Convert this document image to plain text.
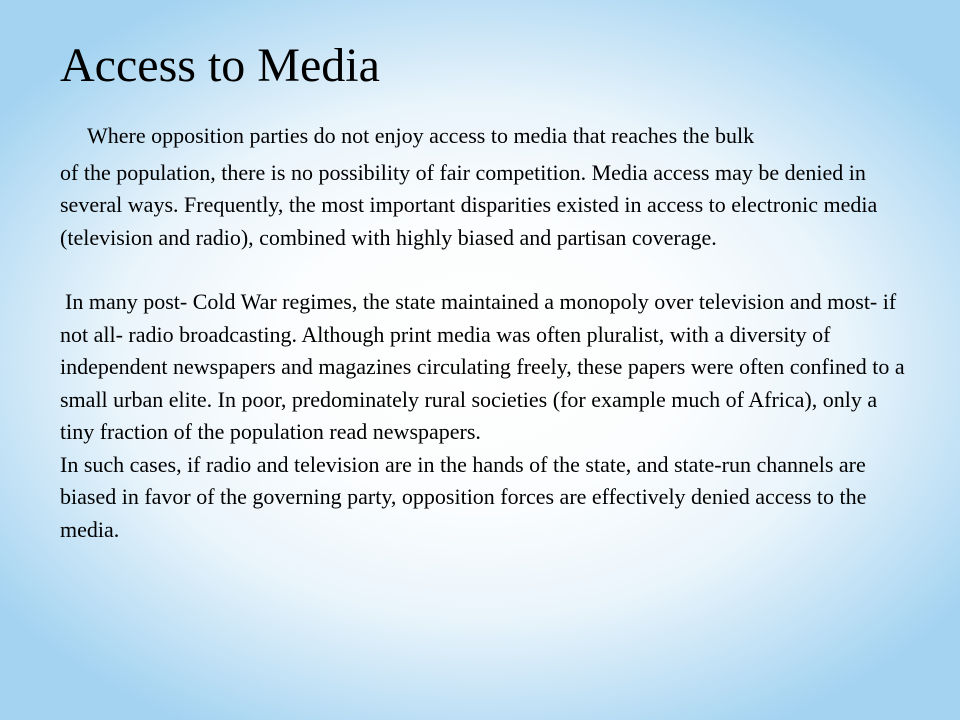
Access to Media

Where opposition parties do not enjoy access to media that reaches the bulk

of the population, there is no possibility of fair competition. Media access may be denied in several ways. Frequently, the most important disparities existed in access to electronic media (television and radio), combined with highly biased and partisan coverage.

In many post- Cold War regimes, the state maintained a monopoly over television and most- if not all- radio broadcasting. Although print media was often pluralist, with a diversity of independent newspapers and magazines circulating freely, these papers were often confined to a small urban elite. In poor, predominately rural societies (for example much of Africa), only a tiny fraction of the population read newspapers.

In such cases, if radio and television are in the hands of the state, and state-run channels are biased in favor of the governing party, opposition forces are effectively denied access to the media.
